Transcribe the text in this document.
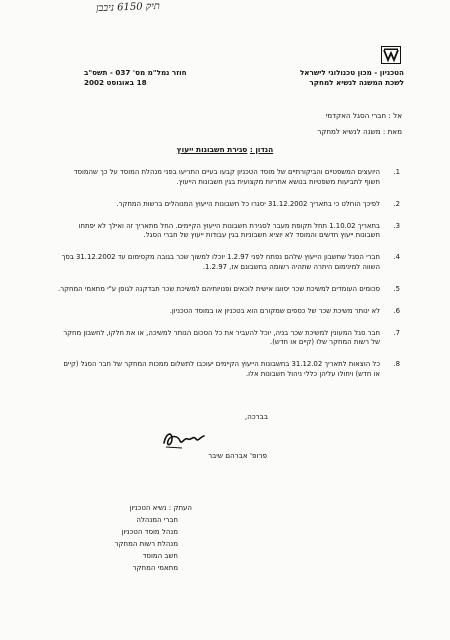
תיק 6150 ניבבן
הטכניון - מכון טכנולוגי לישראל
לשכת המשנה לנשיא למחקר
חוזר נמל"מ מס' 037 - תשס"ב
18 באוגוסט 2002
אל : חברי הסגל האקדמי
מאת : משנה לנשיא למחקר
הנדון : סגירת חשבונות ייעוץ
1.
היועצים המשפטיים והביקורתיים של מוסד הטכניון קבעו בעיים התריעו בפני מנהלת המוסד על כך שהמוסד חשוף לתביעות משפטיות בנושא אחריות מקצועית בגין חשבונות הייעוץ.
2.
לפיכך הוחלט כי בתאריך 31.12.2002 יסגרו כל חשבונות הייעוץ המנוהלים ברשות המחקר.
3.
בתאריך 1.10.02 תחל תקופת מעבר לסגירת חשבונות הייעוץ הקיימים. החל מתאריך זה ואילך לא יפתחו חשבונות ייעוץ חדשים והמוסד לא יוציא חשבוניות בגין עבודות ייעוץ של חברי הסגל.
4.
חברי הסגל שחשבון הייעוץ שלהם נפתח לפני 1.2.97 יוכלו למשוך שכר בגובה מקסימום עד 31.12.2002 בסך השווה למינימום היתרה שתהיה רשומה בחשבונם אז, 1.2.97.
5.
סכומים העומדים למשיכת שכר יסווגו אישית לוכאים ופנויותיהם למשיכת שכר תבדקנה לגופן ע"י מתאמי המחקר.
6.
לא ינותר משיכת שכר של כספים שמקורם הוא בטכניון או במוסד הטכניון.
7.
חבר סגל המעונין למשיכת שכר בניה, יוכל להעביר את כל הסכום הנותר למשיכה, או את חלקו, לחשבון מחקר של רשות המחקר שלו (קיים או חדש).
8.
כל הוצאות לתאריך 31.12.02 בחשבונות הייעוץ הקיימים יעוכבו לתשלום ממכות המחקר של חבר הסגל (קיים או חדש) ויחולו עליהן כללי ניהול חשבונות אלו.
בברכה,
פרופ' אברהם שיבר
העתק : נשיא הטכניון
חברי המנהלה
מנהל מוסד הטכניון
מנהלת רשות המחקר
חשב המוסד
מתאמי המחקר
